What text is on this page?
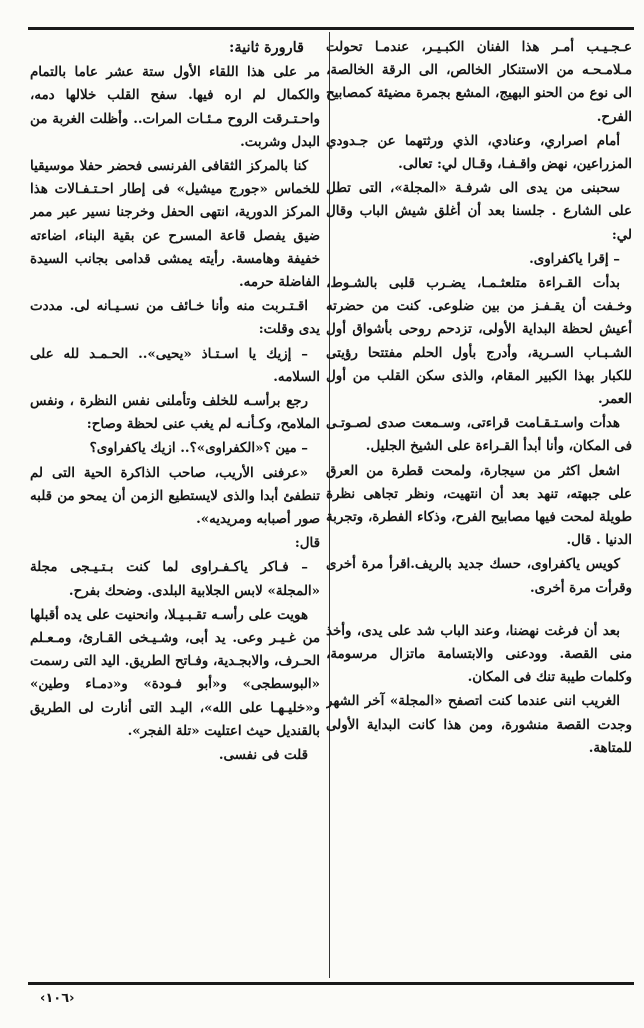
عـجـيـب أمـر هذا الفنان الكبـيـر، عندمـا تحولت مـلامـحـه من الاستنكار الخالص، الى الرقة الخالصة، الى نوع من الحنو البهيج، المشع بجمرة مضيئة كمصابيح الفرح.

أمام اصراري، وعنادي، الذي ورثتهما عن جـدودي المزراعين، نهض واقـفـا، وقـال لي: تعالى.

سحبنى من يدى الى شرفـة «المجلة»، التى تطل على الشارع . جلسنا بعد أن أغلق شيش الباب وقال لي:

– إقرا ياكفراوى.

بدأت القـراءة متلعثـمـا، يضـرب قلبى بالشـوط، وخـفت أن يقـفـز من بين ضلوعى. كنت من حضرته أعيش لحظة البداية الأولى، تزدحم روحى بأشواق أول الشـبـاب السـرية، وأدرج بأول الحلم مفتتحا رؤيتى للكبار بهذا الكبير المقام، والذى سكن القلب من أول العمر.

هدأت واسـتـقـامت قراءتى، وسـمعت صدى لصـوتـى فى المكان، وأنا أبدأ القـراءة على الشيخ الجليل.

اشعل اكثر من سيجارة، ولمحت قطرة من العرق على جبهته، تنهد بعد أن انتهيت، ونظر تجاهى نظرة طويلة لمحت فيها مصابيح الفرح، وذكاء الفطرة، وتجربة الدنيا . قال.

كويس ياكفراوى، حسك جديد بالريف.اقرأ مرة أخرى وقرأت مرة أخرى.

بعد أن فرغت نهضنا، وعند الباب شد على يدى، وأخذ منى القصة. وودعنى والابتسامة ماتزال مرسومة، وكلمات طيبة تنك فى المكان.

الغريب اننى عندما كنت اتصفح «المجلة» آخر الشهر وجدت القصة منشورة، ومن هذا كانت البداية الأولى للمتاهة.

قارورة ثانية:

مر على هذا اللقاء الأول ستة عشر عاما بالتمام والكمال لم اره فيها. سفح القلب خلالها دمه، واحـتـرقت الروح مـئـات المرات.. وأظلت الغربة من البدل وشربت.

كنا بالمركز الثقافى الفرنسى فحضر حفلا موسيقيا للخماس «جورج ميشيل» فى إطار احـتـفـالات هذا المركز الدورية، انتهى الحفل وخرجنا نسير عبر ممر ضيق يفصل قاعة المسرح عن بقية البناء، اضاءته خفيفة وهامسة. رأيته يمشى قدامى بجانب السيدة الفاضلة حرمه.

اقـتـربت منه وأنا خـائف من نسـيـانه لى. مددت يدى وقلت:

– إزيك يا اسـتـاذ «يحيى».. الحـمـد لله على السلامه.

رجع برأسـه للخلف وتأملنى نفس النظرة ، ونفس الملامح، وكـأنـه لم يغب عنى لحظة وصاح:

– مين ؟«الكفراوى»؟.. ازيك ياكفراوى؟

«عرفنى الأريب، صاحب الذاكرة الحية التى لم تنطفئ أبدا والذى لايستطيع الزمن أن يمحو من قلبه صور أصبابه ومريديه».

قال:

– فـاكر ياكـفـراوى لما كنت بـتـيـجى مجلة «المجلة» لابس الجلابية البلدى. وضحك بفرح.

هويت على رأسـه تقـبـيـلا، وانحنيت على يده أقبلها من غـيـر وعى. يد أبى، وشـيـخى القـارئ، ومـعـلم الحـرف، والابجـدية، وفـاتح الطريق. اليد التى رسمت «البوسطجى» و«أبو فـودة» و«دمـاء وطين» و«خليـهـا على الله»، اليـد التى أنارت لى الطريق بالقنديل حيث اعتليت «تلة الفجر».

قلت فى نفسى.

‹١٠٦›
